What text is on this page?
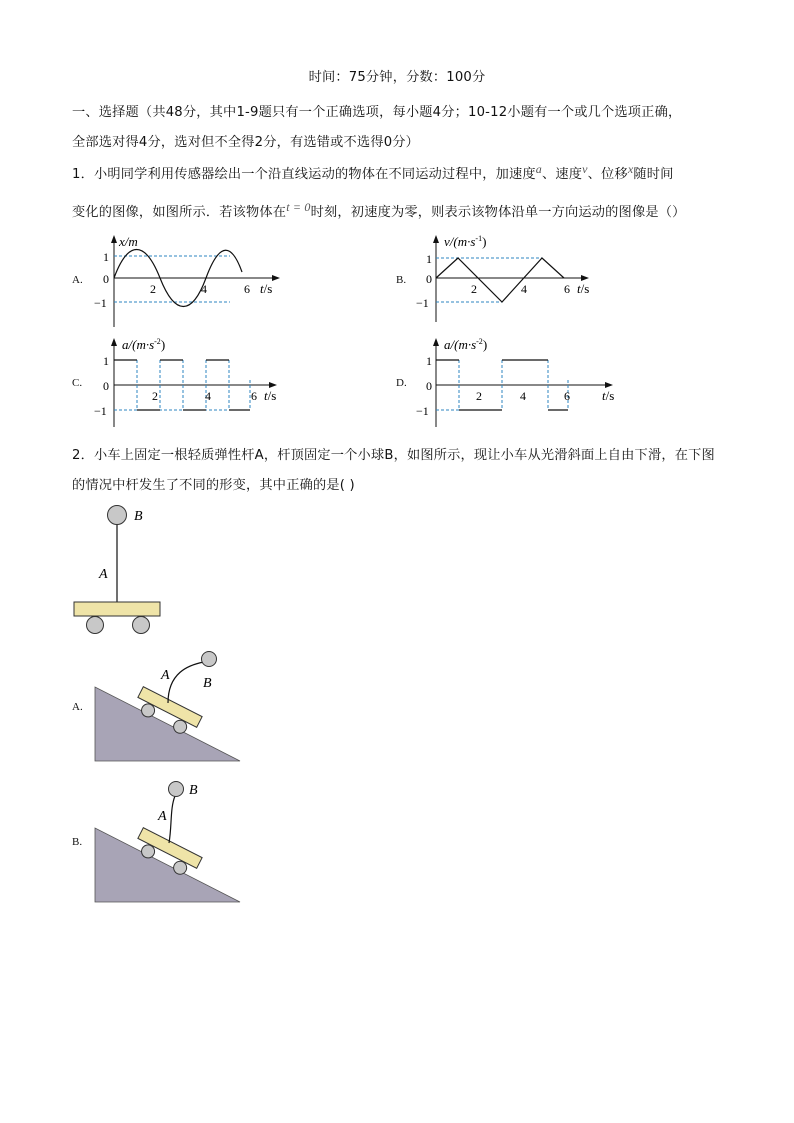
时间：75分钟，分数：100分
一、选择题（共48分，其中1-9题只有一个正确选项，每小题4分；10-12小题有一个或几个选项正确，
全部选对得4分，选对但不全得2分，有选错或不选得0分）
1．小明同学利用传感器绘出一个沿直线运动的物体在不同运动过程中，加速度a、速度v、位移x随时间
变化的图像，如图所示．若该物体在t = 0时刻，初速度为零，则表示该物体沿单一方向运动的图像是（）
A.
x/m
1
0
−1
2	4	6 t/s
B.
$v/(m\cdot s^{-1})$
1
0
−1
2	4	6 t/s
C.
$a/(m\cdot s^{-2})$
1
0
−1
2	4	6 t/s
D.
$a/(m\cdot s^{-2})$
1
0
−1
2	4	6 t/s
2．小车上固定一根轻质弹性杆A，杆顶固定一个小球B，如图所示，现让小车从光滑斜面上自由下滑，在下图
的情况中杆发生了不同的形变，其中正确的是( )
B
A
A.
A
B
B.
A
B
